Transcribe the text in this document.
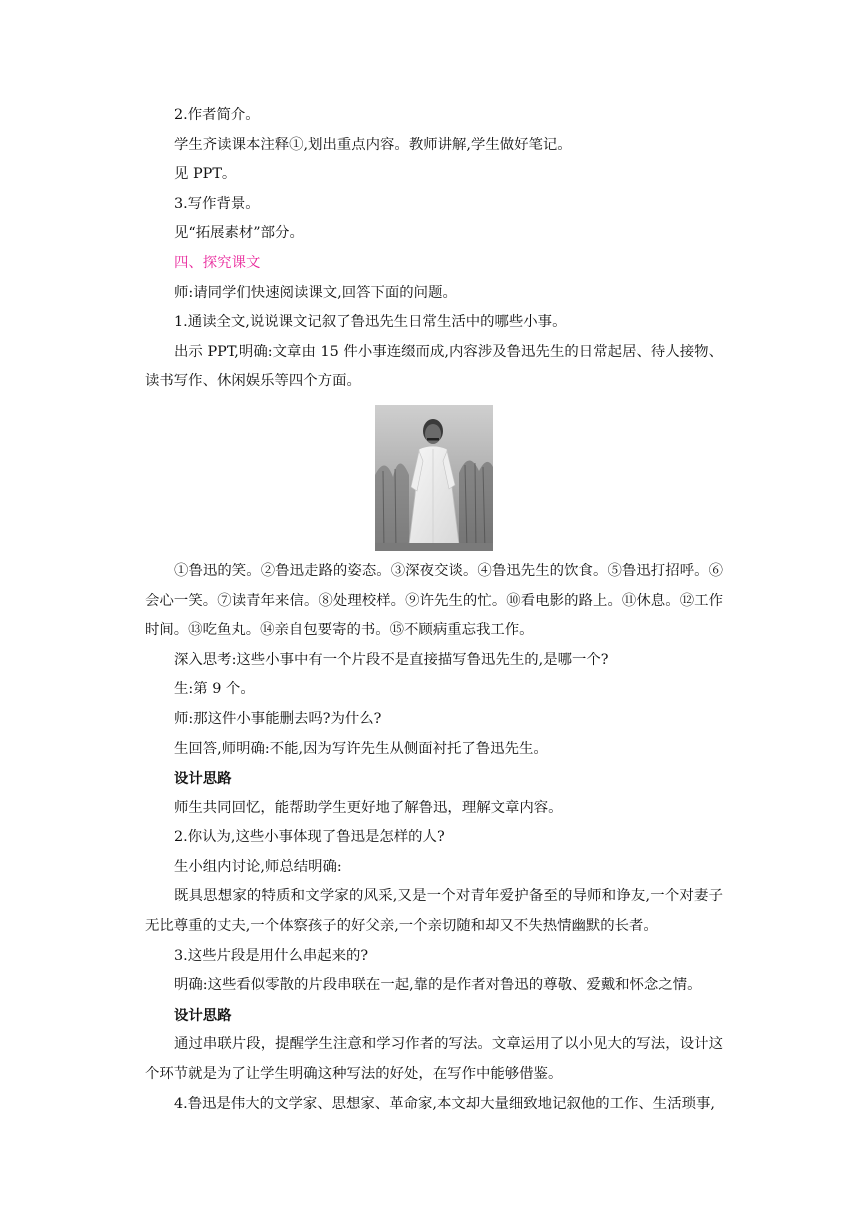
2.作者简介。

学生齐读课本注释①,划出重点内容。教师讲解,学生做好笔记。

见 PPT。

3.写作背景。

见“拓展素材”部分。

四、探究课文

师:请同学们快速阅读课文,回答下面的问题。

1.通读全文,说说课文记叙了鲁迅先生日常生活中的哪些小事。

出示 PPT,明确:文章由 15 件小事连缀而成,内容涉及鲁迅先生的日常起居、待人接物、读书写作、休闲娱乐等四个方面。

①鲁迅的笑。②鲁迅走路的姿态。③深夜交谈。④鲁迅先生的饮食。⑤鲁迅打招呼。⑥会心一笑。⑦读青年来信。⑧处理校样。⑨许先生的忙。⑩看电影的路上。⑪休息。⑫工作时间。⑬吃鱼丸。⑭亲自包要寄的书。⑮不顾病重忘我工作。

深入思考:这些小事中有一个片段不是直接描写鲁迅先生的,是哪一个?

生:第 9 个。

师:那这件小事能删去吗?为什么?

生回答,师明确:不能,因为写许先生从侧面衬托了鲁迅先生。

设计思路

师生共同回忆，能帮助学生更好地了解鲁迅，理解文章内容。

2.你认为,这些小事体现了鲁迅是怎样的人?

生小组内讨论,师总结明确:

既具思想家的特质和文学家的风采,又是一个对青年爱护备至的导师和诤友,一个对妻子无比尊重的丈夫,一个体察孩子的好父亲,一个亲切随和却又不失热情幽默的长者。

3.这些片段是用什么串起来的?

明确:这些看似零散的片段串联在一起,靠的是作者对鲁迅的尊敬、爱戴和怀念之情。

设计思路

通过串联片段，提醒学生注意和学习作者的写法。文章运用了以小见大的写法，设计这个环节就是为了让学生明确这种写法的好处，在写作中能够借鉴。

4.鲁迅是伟大的文学家、思想家、革命家,本文却大量细致地记叙他的工作、生活琐事,
